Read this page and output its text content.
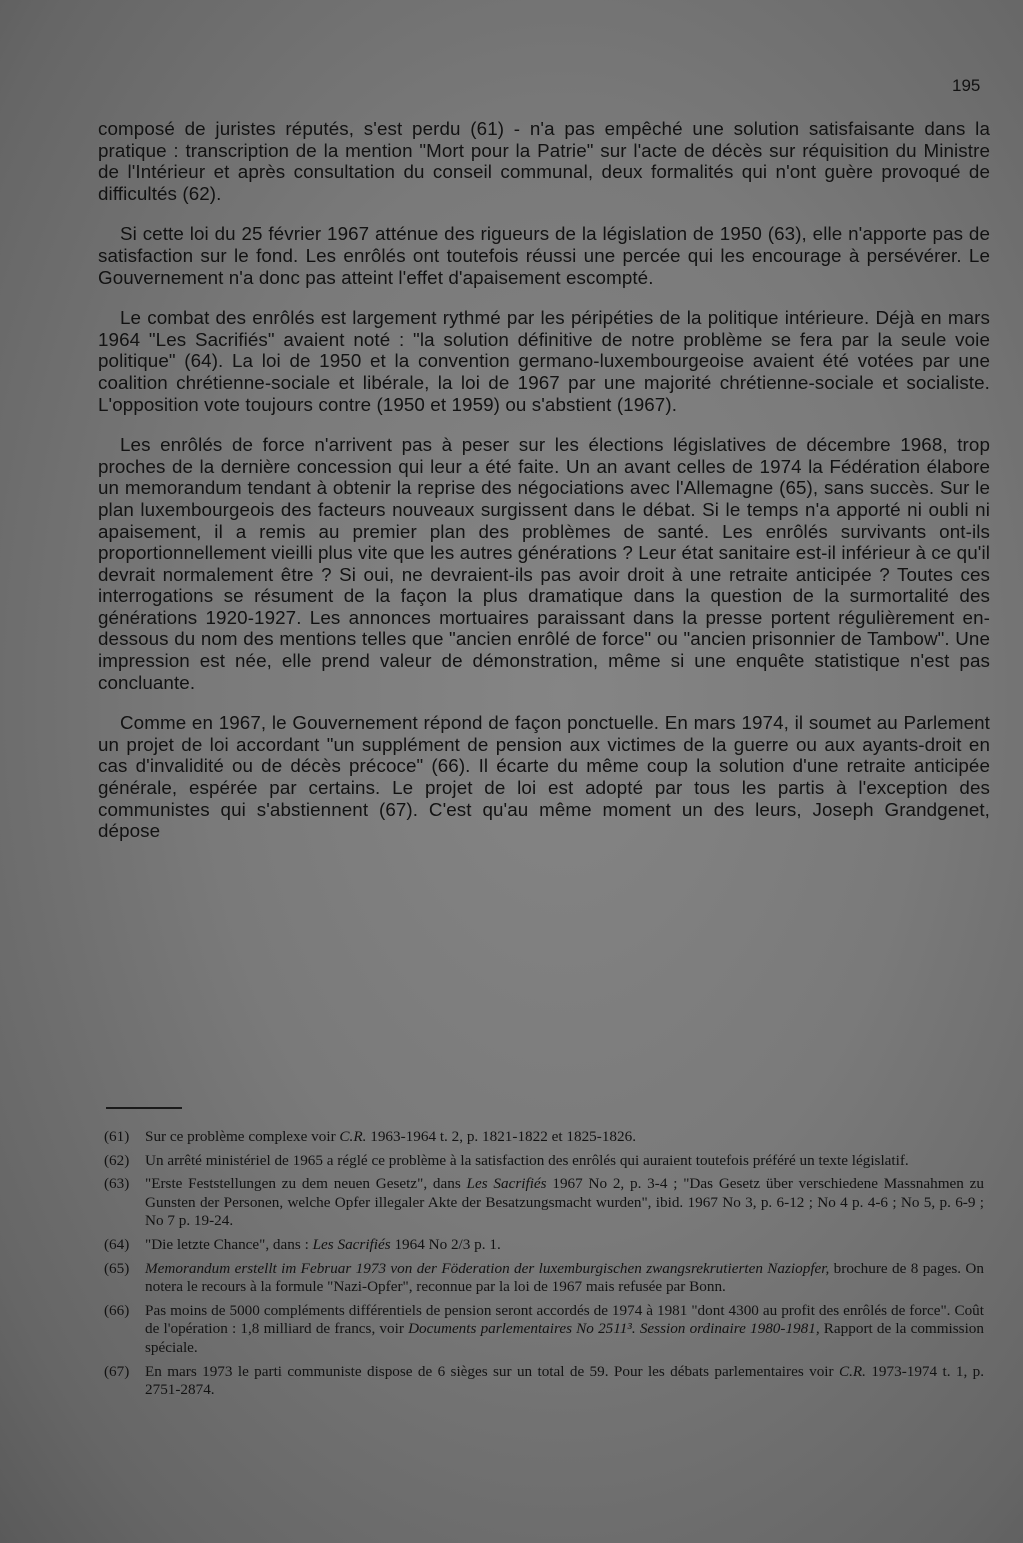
195

composé de juristes réputés, s'est perdu (61) - n'a pas empêché une solution satisfaisante dans la pratique : transcription de la mention "Mort pour la Patrie" sur l'acte de décès sur réquisition du Ministre de l'Intérieur et après consultation du conseil communal, deux formalités qui n'ont guère provoqué de difficultés (62).

Si cette loi du 25 février 1967 atténue des rigueurs de la législation de 1950 (63), elle n'apporte pas de satisfaction sur le fond. Les enrôlés ont toutefois réussi une percée qui les encourage à persévérer. Le Gouvernement n'a donc pas atteint l'effet d'apaisement escompté.

Le combat des enrôlés est largement rythmé par les péripéties de la politique intérieure. Déjà en mars 1964 "Les Sacrifiés" avaient noté : "la solution définitive de notre problème se fera par la seule voie politique" (64). La loi de 1950 et la convention germano-luxembourgeoise avaient été votées par une coalition chrétienne-sociale et libérale, la loi de 1967 par une majorité chrétienne-sociale et socialiste. L'opposition vote toujours contre (1950 et 1959) ou s'abstient (1967).

Les enrôlés de force n'arrivent pas à peser sur les élections législatives de décembre 1968, trop proches de la dernière concession qui leur a été faite. Un an avant celles de 1974 la Fédération élabore un memorandum tendant à obtenir la reprise des négociations avec l'Allemagne (65), sans succès. Sur le plan luxembourgeois des facteurs nouveaux surgissent dans le débat. Si le temps n'a apporté ni oubli ni apaisement, il a remis au premier plan des problèmes de santé. Les enrôlés survivants ont-ils proportionnellement vieilli plus vite que les autres générations ? Leur état sanitaire est-il inférieur à ce qu'il devrait normalement être ? Si oui, ne devraient-ils pas avoir droit à une retraite anticipée ? Toutes ces interrogations se résument de la façon la plus dramatique dans la question de la surmortalité des générations 1920-1927. Les annonces mortuaires paraissant dans la presse portent régulièrement en-dessous du nom des mentions telles que "ancien enrôlé de force" ou "ancien prisonnier de Tambow". Une impression est née, elle prend valeur de démonstration, même si une enquête statistique n'est pas concluante.

Comme en 1967, le Gouvernement répond de façon ponctuelle. En mars 1974, il soumet au Parlement un projet de loi accordant "un supplément de pension aux victimes de la guerre ou aux ayants-droit en cas d'invalidité ou de décès précoce" (66). Il écarte du même coup la solution d'une retraite anticipée générale, espérée par certains. Le projet de loi est adopté par tous les partis à l'exception des communistes qui s'abstiennent (67). C'est qu'au même moment un des leurs, Joseph Grandgenet, dépose

(61)	Sur ce problème complexe voir C.R. 1963-1964 t. 2, p. 1821-1822 et 1825-1826.
(62)	Un arrêté ministériel de 1965 a réglé ce problème à la satisfaction des enrôlés qui auraient toutefois préféré un texte législatif.
(63)	"Erste Feststellungen zu dem neuen Gesetz", dans Les Sacrifiés 1967 No 2, p. 3-4 ; "Das Gesetz über verschiedene Massnahmen zu Gunsten der Personen, welche Opfer illegaler Akte der Besatzungsmacht wurden", ibid. 1967 No 3, p. 6-12 ; No 4 p. 4-6 ; No 5, p. 6-9 ; No 7 p. 19-24.
(64)	"Die letzte Chance", dans : Les Sacrifiés 1964 No 2/3 p. 1.
(65)	Memorandum erstellt im Februar 1973 von der Föderation der luxemburgischen zwangsrekrutierten Naziopfer, brochure de 8 pages. On notera le recours à la formule "Nazi-Opfer", reconnue par la loi de 1967 mais refusée par Bonn.
(66)	Pas moins de 5000 compléments différentiels de pension seront accordés de 1974 à 1981 "dont 4300 au profit des enrôlés de force". Coût de l'opération : 1,8 milliard de francs, voir Documents parlementaires No 2511³. Session ordinaire 1980-1981, Rapport de la commission spéciale.
(67)	En mars 1973 le parti communiste dispose de 6 sièges sur un total de 59. Pour les débats parlementaires voir C.R. 1973-1974 t. 1, p. 2751-2874.
